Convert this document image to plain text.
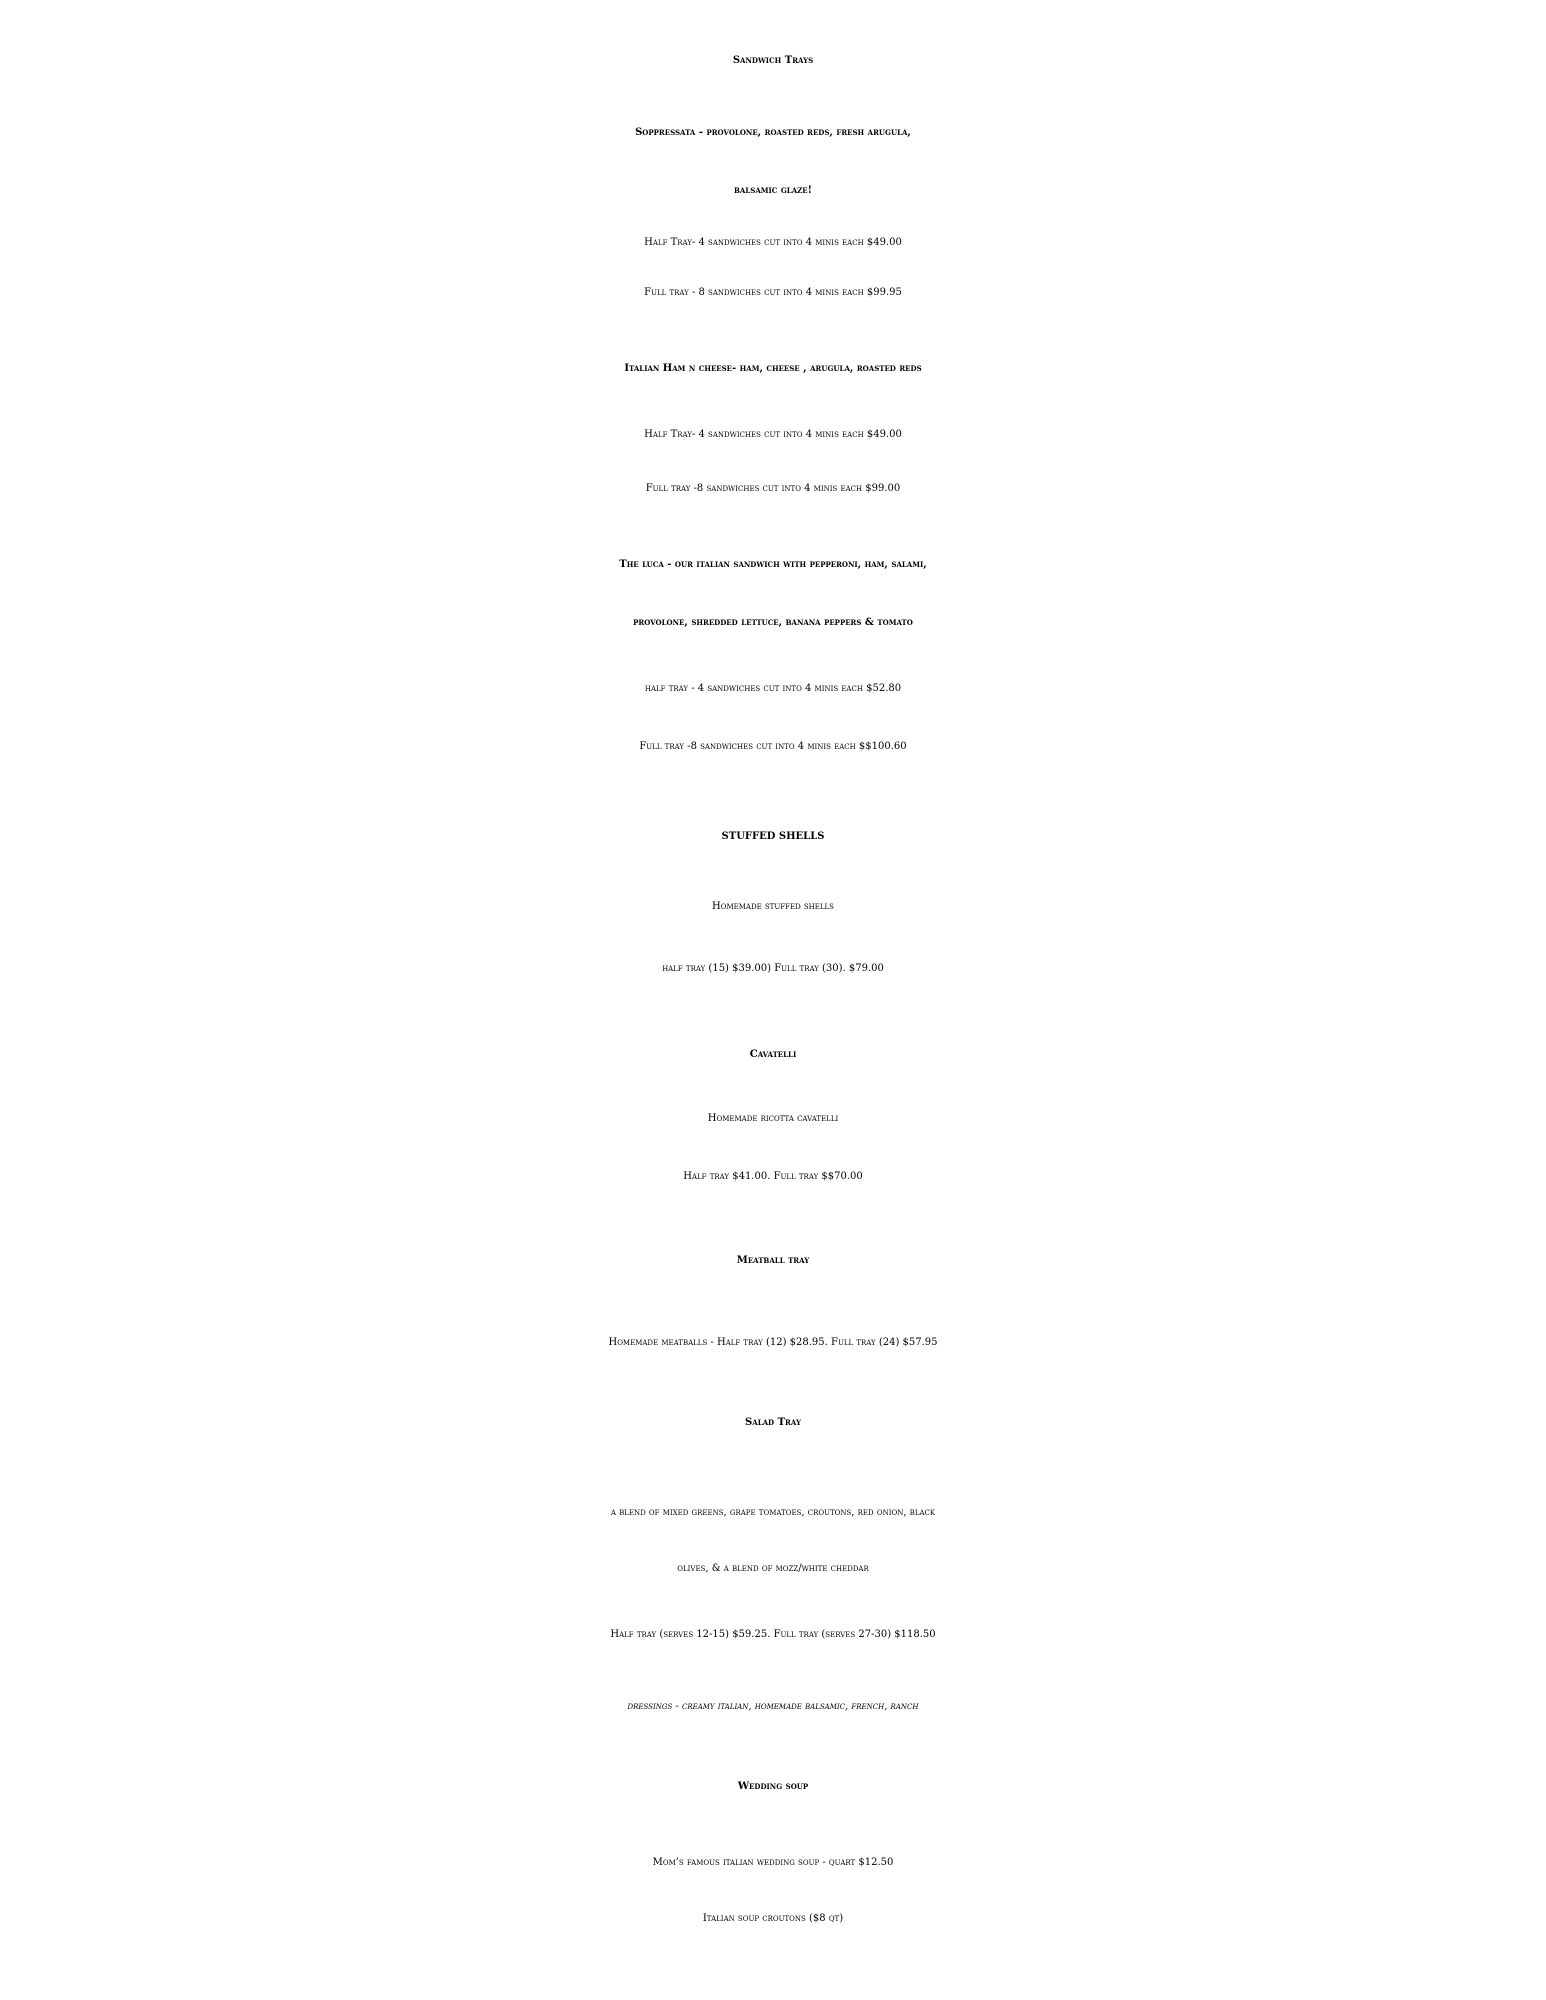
Sandwich Trays
Soppressata - provolone, roasted reds, fresh arugula,
balsamic glaze!
Half Tray- 4 sandwiches cut into 4 minis each $49.00
Full tray - 8 sandwiches cut into 4 minis each $99.95
Italian Ham n cheese- ham, cheese , arugula, roasted reds
Half Tray- 4 sandwiches cut into 4 minis each $49.00
Full tray -8 sandwiches cut into 4 minis each $99.00
The luca - our italian sandwich with pepperoni, ham, salami,
provolone, shredded lettuce, banana peppers & tomato
half tray - 4 sandwiches cut into 4 minis each $52.80
Full tray -8 sandwiches cut into 4 minis each $$100.60
STUFFED SHELLS
Homemade stuffed shells
half tray (15) $39.00) Full tray (30). $79.00
Cavatelli
Homemade ricotta cavatelli
Half tray $41.00. Full tray $$70.00
Meatball tray
Homemade meatballs - Half tray (12) $28.95. Full tray (24) $57.95
Salad Tray
a blend of mixed greens, grape tomatoes, croutons, red onion, black
olives, & a blend of mozz/white cheddar
Half tray (serves 12-15) $59.25. Full tray (serves 27-30) $118.50
dressings - creamy italian, homemade balsamic, french, ranch
Wedding soup
Mom’s famous italian wedding soup - quart $12.50
Italian soup croutons ($8 qt)
